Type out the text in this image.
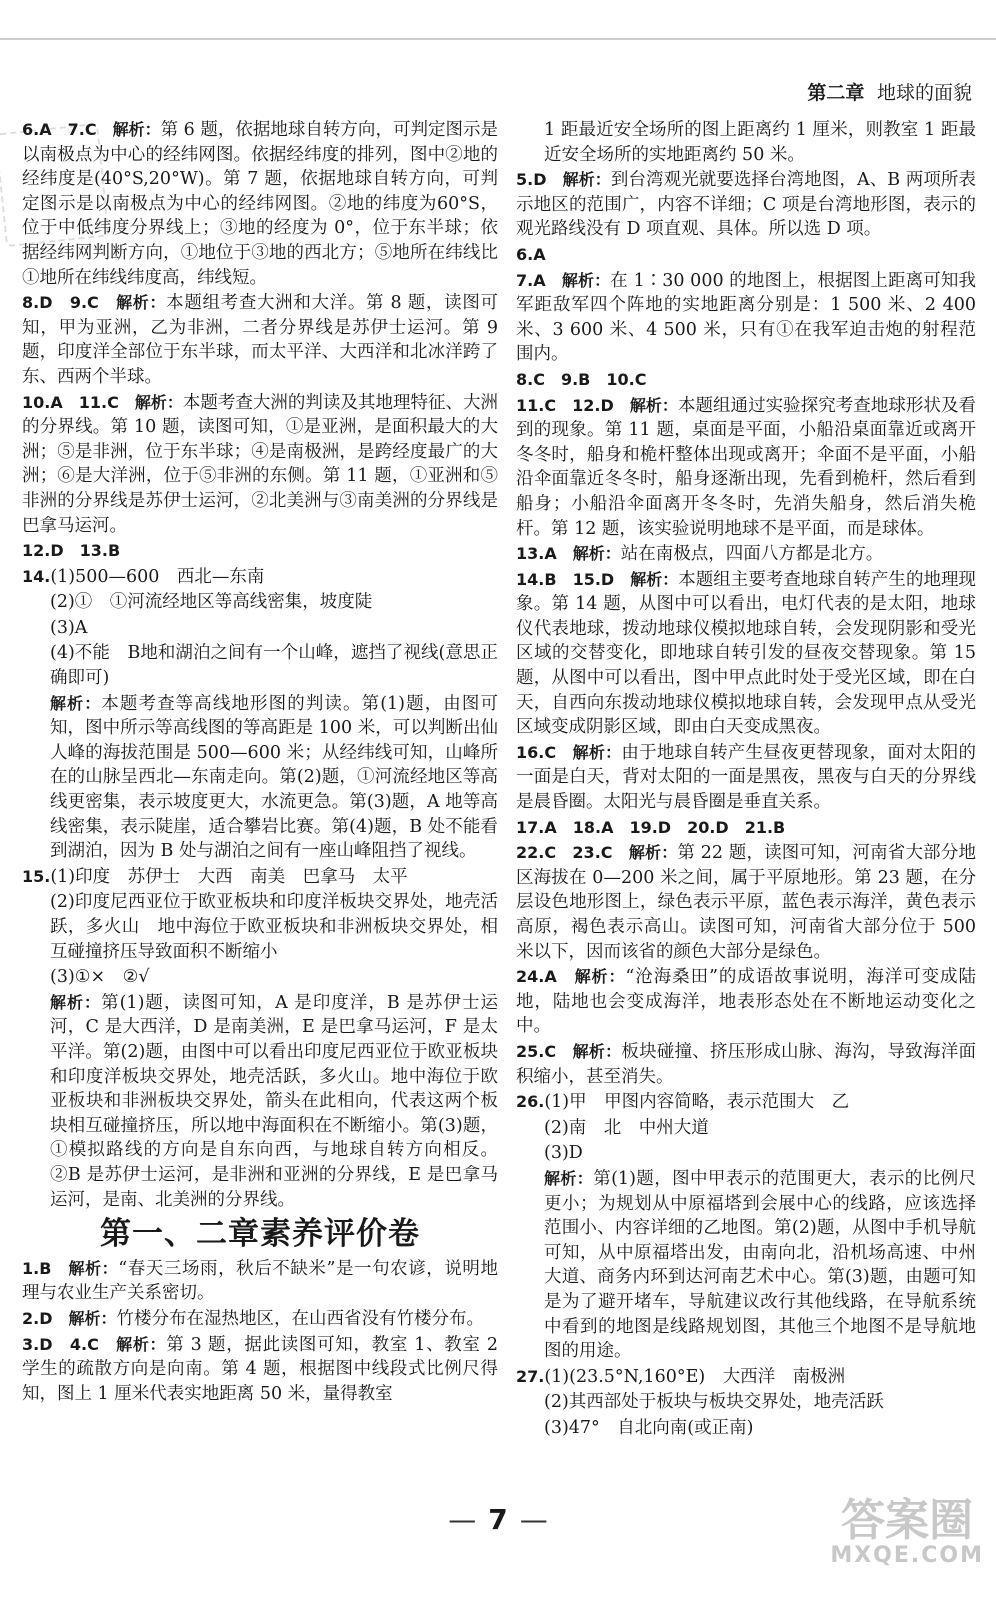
第二章 地球的面貌
6.A　7.C　解析：第 6 题，依据地球自转方向，可判定图示是以南极点为中心的经纬网图。依据经纬度的排列，图中②地的经纬度是(40°S,20°W)。第 7 题，依据地球自转方向，可判定图示是以南极点为中心的经纬网图。②地的纬度为60°S，位于中低纬度分界线上；③地的经度为 0°，位于东半球；依据经纬网判断方向，①地位于③地的西北方；⑤地所在纬线比①地所在纬线纬度高，纬线短。
8.D　9.C　解析：本题组考查大洲和大洋。第 8 题，读图可知，甲为亚洲，乙为非洲，二者分界线是苏伊士运河。第 9 题，印度洋全部位于东半球，而太平洋、大西洋和北冰洋跨了东、西两个半球。
10.A　11.C　解析：本题考查大洲的判读及其地理特征、大洲的分界线。第 10 题，读图可知，①是亚洲，是面积最大的大洲；⑤是非洲，位于东半球；④是南极洲，是跨经度最广的大洲；⑥是大洋洲，位于⑤非洲的东侧。第 11 题，①亚洲和⑤非洲的分界线是苏伊士运河，②北美洲与③南美洲的分界线是巴拿马运河。
12.D　13.B
14.(1)500—600　西北—东南
(2)①　①河流经地区等高线密集，坡度陡
(3)A
(4)不能　B地和湖泊之间有一个山峰，遮挡了视线(意思正确即可)
解析：本题考查等高线地形图的判读。第(1)题，由图可知，图中所示等高线图的等高距是 100 米，可以判断出仙人峰的海拔范围是 500—600 米；从经纬线可知，山峰所在的山脉呈西北—东南走向。第(2)题，①河流经地区等高线更密集，表示坡度更大，水流更急。第(3)题，A 地等高线密集，表示陡崖，适合攀岩比赛。第(4)题，B 处不能看到湖泊，因为 B 处与湖泊之间有一座山峰阻挡了视线。
15.(1)印度　苏伊士　大西　南美　巴拿马　太平
(2)印度尼西亚位于欧亚板块和印度洋板块交界处，地壳活跃，多火山　地中海位于欧亚板块和非洲板块交界处，相互碰撞挤压导致面积不断缩小
(3)①×　②√
解析：第(1)题，读图可知，A 是印度洋，B 是苏伊士运河，C 是大西洋，D 是南美洲，E 是巴拿马运河，F 是太平洋。第(2)题，由图中可以看出印度尼西亚位于欧亚板块和印度洋板块交界处，地壳活跃，多火山。地中海位于欧亚板块和非洲板块交界处，箭头在此相向，代表这两个板块相互碰撞挤压，所以地中海面积在不断缩小。第(3)题，①模拟路线的方向是自东向西，与地球自转方向相反。②B 是苏伊士运河，是非洲和亚洲的分界线，E 是巴拿马运河，是南、北美洲的分界线。
第一、二章素养评价卷
1.B　解析：“春天三场雨，秋后不缺米”是一句农谚，说明地理与农业生产关系密切。
2.D　解析：竹楼分布在湿热地区，在山西省没有竹楼分布。
3.D　4.C　解析：第 3 题，据此读图可知，教室 1、教室 2 学生的疏散方向是向南。第 4 题，根据图中线段式比例尺得知，图上 1 厘米代表实地距离 50 米，量得教室
1 距最近安全场所的图上距离约 1 厘米，则教室 1 距最近安全场所的实地距离约 50 米。
5.D　解析：到台湾观光就要选择台湾地图，A、B 两项所表示地区的范围广，内容不详细；C 项是台湾地形图，表示的观光路线没有 D 项直观、具体。所以选 D 项。
6.A
7.A　解析：在 1∶30 000 的地图上，根据图上距离可知我军距敌军四个阵地的实地距离分别是：1 500 米、2 400 米、3 600 米、4 500 米，只有①在我军迫击炮的射程范围内。
8.C　9.B　10.C
11.C　12.D　解析：本题组通过实验探究考查地球形状及看到的现象。第 11 题，桌面是平面，小船沿桌面靠近或离开冬冬时，船身和桅杆整体出现或离开；伞面不是平面，小船沿伞面靠近冬冬时，船身逐渐出现，先看到桅杆，然后看到船身；小船沿伞面离开冬冬时，先消失船身，然后消失桅杆。第 12 题，该实验说明地球不是平面，而是球体。
13.A　解析：站在南极点，四面八方都是北方。
14.B　15.D　解析：本题组主要考查地球自转产生的地理现象。第 14 题，从图中可以看出，电灯代表的是太阳，地球仪代表地球，拨动地球仪模拟地球自转，会发现阴影和受光区域的交替变化，即地球自转引发的昼夜交替现象。第 15 题，从图中可以看出，图中甲点此时处于受光区域，即在白天，自西向东拨动地球仪模拟地球自转，会发现甲点从受光区域变成阴影区域，即由白天变成黑夜。
16.C　解析：由于地球自转产生昼夜更替现象，面对太阳的一面是白天，背对太阳的一面是黑夜，黑夜与白天的分界线是晨昏圈。太阳光与晨昏圈是垂直关系。
17.A　18.A　19.D　20.D　21.B
22.C　23.C　解析：第 22 题，读图可知，河南省大部分地区海拔在 0—200 米之间，属于平原地形。第 23 题，在分层设色地形图上，绿色表示平原，蓝色表示海洋，黄色表示高原，褐色表示高山。读图可知，河南省大部分位于 500 米以下，因而该省的颜色大部分是绿色。
24.A　解析：“沧海桑田”的成语故事说明，海洋可变成陆地，陆地也会变成海洋，地表形态处在不断地运动变化之中。
25.C　解析：板块碰撞、挤压形成山脉、海沟，导致海洋面积缩小，甚至消失。
26.(1)甲　甲图内容简略，表示范围大　乙
(2)南　北　中州大道
(3)D
解析：第(1)题，图中甲表示的范围更大，表示的比例尺更小；为规划从中原福塔到会展中心的线路，应该选择范围小、内容详细的乙地图。第(2)题，从图中手机导航可知，从中原福塔出发，由南向北，沿机场高速、中州大道、商务内环到达河南艺术中心。第(3)题，由题可知是为了避开堵车，导航建议改行其他线路，在导航系统中看到的地图是线路规划图，其他三个地图不是导航地图的用途。
27.(1)(23.5°N,160°E)　大西洋　南极洲
(2)其西部处于板块与板块交界处，地壳活跃
(3)47°　自北向南(或正南)
— 7 —	答案圈
MXQE.COM
